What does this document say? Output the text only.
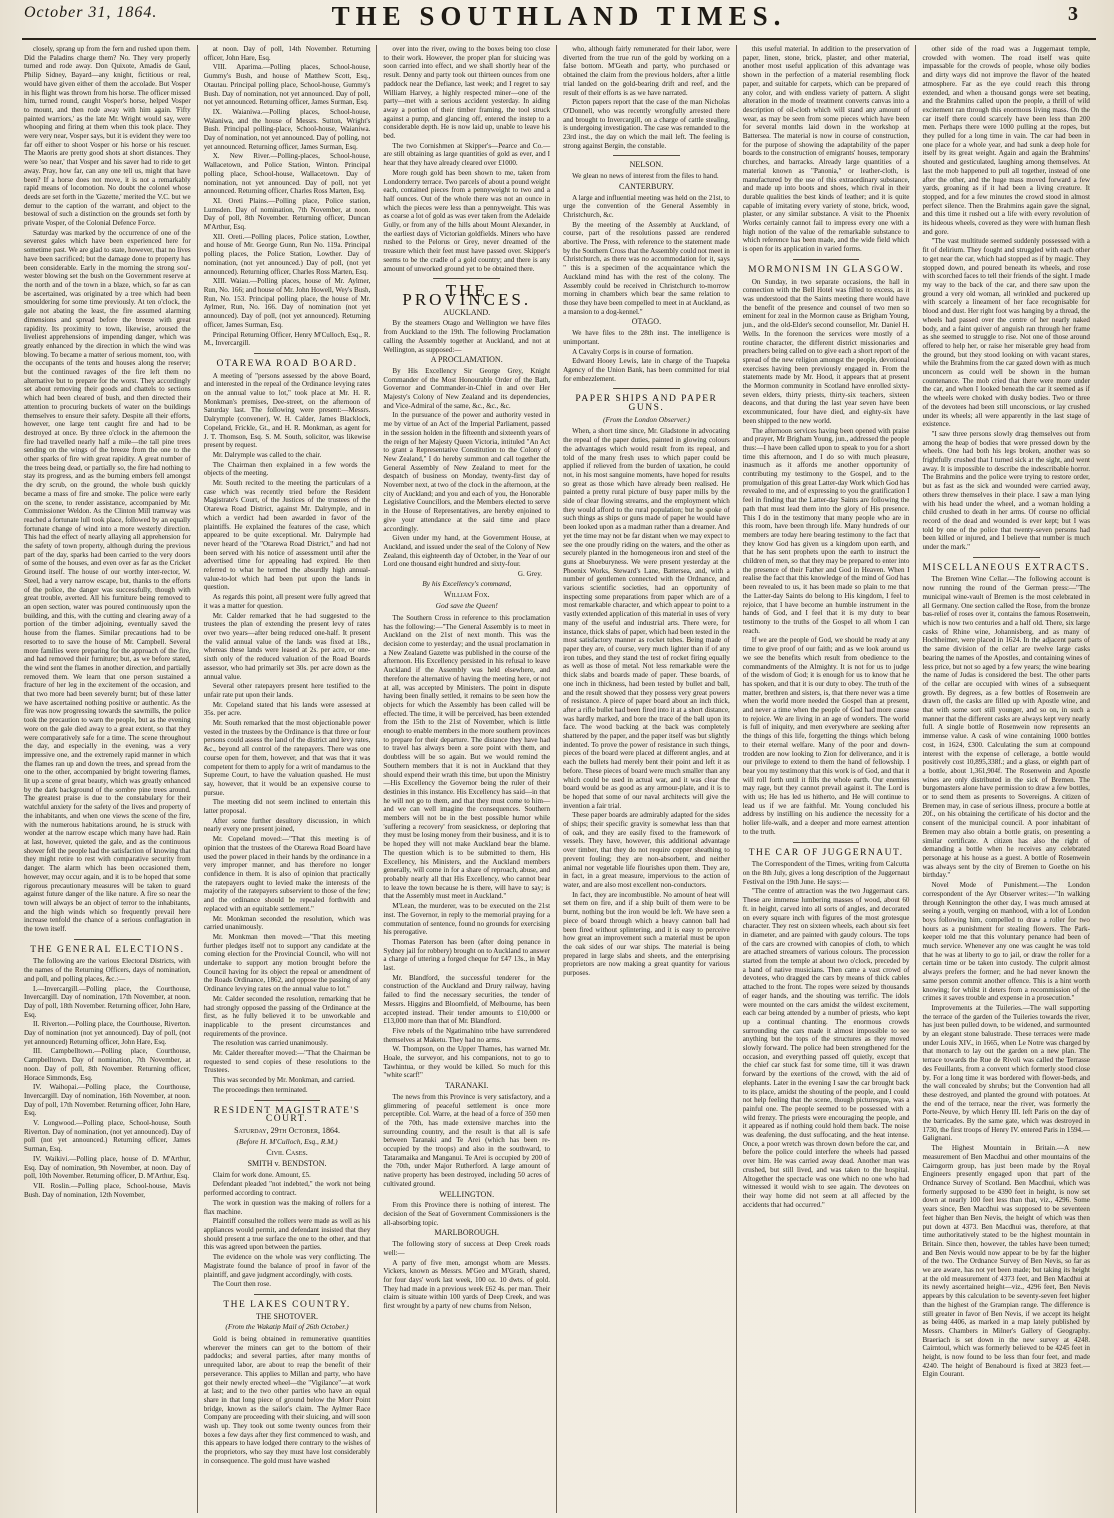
October 31, 1864.	THE SOUTHLAND TIMES.	3

closely, sprang up from the fern and rushed upon them. Did the Paladins charge them? No. They very properly turned and rode away. Don Quixote, Amadis de Gaul, Philip Sidney, Bayard—any knight, fictitious or real, would have given either of them the accolade. But Vosper in his flight was thrown from his horse. The officer missed him, turned round, caught Vosper's horse, helped Vosper to mount, and then rode away with him again. 'Fifty painted warriors,' as the late Mr. Wright would say, were whooping and firing at them when this took place. They were very near, Vosper says, but it is evident they were too far off either to shoot Vosper or his horse or his rescuer. The Maoris are pretty good shots at short distances. They were 'so near,' that Vosper and his saver had to ride to get away. Pray, how far, can any one tell us, might that have been? If a horse does not move, it is not a remarkably rapid means of locomotion. No doubt the colonel whose deeds are set forth in the 'Gazette,' merited the V.C. but we demur to the caption of the warrant, and object to the bestowal of such a distinction on the grounds set forth by private Vosper, of the Colonial Defence Force.

Saturday was marked by the occurrence of one of the severest gales which have been experienced here for sometime past. We are glad to state, however, that no lives have been sacrificed; but the damage done to property has been considerable. Early in the morning the strong sou'-wester blowing set the bush on the Government reserve at the north and of the town in a blaze, which, so far as can be ascertained, was originated by a tree which had been smouldering for some time previously. At ten o'clock, the gale not abating the least, the fire assumed alarming dimensions and spread before the breeze with great rapidity. Its proximity to town, likewise, aroused the liveliest apprehensions of impending danger, which was greatly enhanced by the direction in which the wind was blowing. To became a matter of serious moment, too, with the occupants of the tents and houses along the reserve; but the continued ravages of the fire left them no alternative but to prepare for the worst. They accordingly set about removing their goods and chattels to sections which had been cleared of bush, and then directed their attention to procuring buckets of water on the buildings themselves to ensure their safety. Despite all their efforts, however, one large tent caught fire and had to be destroyed at once. By three o'clock in the afternoon the fire had travelled nearly half a mile—the tall pine trees sending on the wings of the breeze from the one to the other sparks of fire with great rapidity. A great number of the trees being dead, or partially so, the fire had nothing to stay its progress, and as the burning embers fell amongst the dry scrub, on the ground, the whole bush quickly became a mass of fire and smoke. The police were early on the scene, to render assistance, accompanied by Mr. Commissioner Weldon. As the Clinton Mill tramway was reached a fortunate lull took place, followed by an equally fortunate change of wind into a more westerly direction. This had the effect of nearly allaying all apprehension for the safety of town property, although during the previous part of the day, sparks had been carried to the very doors of some of the houses, and even over as far as the Cricket Ground itself. The house of our worthy inter-rector, W. Steel, had a very narrow escape, but, thanks to the efforts of the police, the danger was successfully, though with great trouble, averted. All his furniture being removed to an open section, water was poured continuously upon the building, and this, with the cutting and clearing away of a portion of the timber adjoining, eventually saved the house from the flames. Similar precautions had to be resorted to to save the house of Mr. Campbell. Several more families were preparing for the approach of the fire, and had removed their furniture; but, as we before stated, the wind sent the flames in another direction, and partially removed them. We learn that one person sustained a fracture of her leg in the excitement of the occasion, and that two more had been severely burnt; but of these latter we have ascertained nothing positive or authentic. As the fire was now progressing towards the sawmills, the police took the precaution to warn the people, but as the evening wore on the gale died away to a great extent, so that they were comparatively safe for a time. The scene throughout the day, and especially in the evening, was a very impressive one, and the extremely rapid manner in which the flames ran up and down the trees, and spread from the one to the other, accompanied by bright towering flames, lit up a scene of great beauty, which was greatly enhanced by the dark background of the sombre pine trees around. The greatest praise is due to the constabulary for their watchful anxiety for the safety of the lives and property of the inhabitants, and when one views the scene of the fire, with the numerous habitations around, he is struck with wonder at the narrow escape which many have had. Rain at last, however, quieted the gale, and as the continuous shower fell the people had the satisfaction of knowing that they might retire to rest with comparative security from danger. The alarm which has been occasioned them, however, may occur again, and it is to be hoped that some rigorous precautionary measures will be taken to guard against future danger of the like nature. A fire so near the town will always be an object of terror to the inhabitants, and the high winds which so frequently prevail here increase tenfold the chance of a serious conflagration in the town itself.

THE GENERAL ELECTIONS.

The following are the various Electoral Districts, with the names of the Returning Officers, days of nomination, and poll, and polling places, &c.:—

I.—Invercargill.—Polling place, the Courthouse, Invercargill. Day of nomination, 17th November, at noon. Day of poll, 18th November. Returning officer, John Hare, Esq.

II. Riverton.—Polling place, the Courthouse, Riverton. Day of nomination (not yet announced). Day of poll, (not yet announced) Returning officer, John Hare, Esq.

III. Campbelltown.—Polling place, Courthouse, Campbelltown. Day of nomination, 7th November, at noon. Day of poll, 8th November. Returning officer, Horace Simmonds, Esq.

IV. Waihopai.—Polling place, the Courthouse, Invercargill. Day of nomination, 16th November, at noon. Day of poll, 17th November. Returning officer, John Hare, Esq.

V. Longwood.—Polling place, School-house, South Riverton. Day of nomination, (not yet announced). Day of poll (not yet announced.) Returning officer, James Surman, Esq.

IV. Waikivi.—Polling place, house of D. M'Arthur, Esq. Day of nomination, 9th November, at noon. Day of poll, 10th November. Returning officer, D. M'Arthur, Esq.

VII. Roslin.—Polling place, School-house, Mavis Bush. Day of nomination, 12th November,

at noon. Day of poll, 14th November. Returning officer, John Hare, Esq.

VIII. Aparima.—Polling places, School-house, Gummy's Bush, and house of Matthew Scott, Esq., Otautau. Principal polling place, School-house, Gummy's Bush. Day of nomination, not yet announced. Day of poll, not yet announced. Returning officer, James Surman, Esq.

IX. Waianiwa.—Polling places, School-house, Waianiwa, and the house of Messrs. Sutton, Wright's Bush. Principal polling-place, School-house, Waianiwa. Day of nomination, not yet announced. Day of polling, not yet announced. Returning officer, James Surman, Esq.

X. New River.—Polling-places, School-house, Wallacetown, and Police Station, Winton. Principal polling place, School-house, Wallacetown. Day of nomination, not yet announced. Day of poll, not yet announced. Returning officer, Charles Ross Marten, Esq.

XI. Oreti Plains.—Polling place, Police station, Lumsden. Day of nomination, 7th November, at noon. Day of poll, 8th November. Returning officer, Duncan M'Arthur, Esq.

XII. Oreti.—Polling places, Police station, Lowther, and house of Mr. George Gunn, Run No. 119a. Principal polling places, the Police Station, Lowther. Day of nomination, (not yet announced.) Day of poll, (not yet announced). Returning officer, Charles Ross Marten, Esq.

XIII. Waiau.—Polling places, house of Mr. Aylmer, Run, No. 166; and house of Mr. John Howell, Wey's Bush, Run, No. 153. Principal polling place, the house of Mr. Aylmer, Run, No. 166. Day of nomination (not yet announced). Day of poll, (not yet announced). Returning officer, James Surman, Esq.

Principal Returning Officer, Henry M'Culloch, Esq., R. M., Invercargill.

OTAREWA ROAD BOARD.

A meeting of "persons assessed by the above Board, and interested in the repeal of the Ordinance levying rates on the annual value to lot," took place at Mr. H. R. Monkman's premises, Dee-street, on the afternoon of Saturday last. The following were present:—Messrs. Dalrymple (convener), W. H. Calder, James Blacklock, Copeland, Frickle, Gt., and H. R. Monkman, as agent for J. T. Thomson, Esq. S. M. South, solicitor, was likewise present by request.

Mr. Dalrymple was called to the chair.

The Chairman then explained in a few words the objects of the meeting.

Mr. South recited to the meeting the particulars of a case which was recently tried before the Resident Magistrate's Court, of the Justices of the trustees of the Otarewa Road District, against Mr. Dalrymple, and in which a verdict had been awarded in favor of the plaintiffs. He explained the features of the case, which appeared to be quite exceptional. Mr. Dalrymple had never heard of the "Otarewa Road District," and had not been served with his notice of assessment until after the advertised time for appealing had expired. He then referred to what he termed the absurdly high annual-value-to-lot which had been put upon the lands in question.

As regards this point, all present were fully agreed that it was a matter for question.

Mr. Calder remarked that he had suggested to the trustees the plan of extending the present levy of rates over two years—after being reduced one-half. It present the valid annual value of the lands was fixed at 18s., whereas these lands were leased at 2s. per acre, or one-sixth only of the reduced valuation of the Road Boards assessor, who had primarily set 30s. per acre down as the annual value.

Several other ratepayers present here testified to the unfair rate put upon their lands.

Mr. Copeland stated that his lands were assessed at 35s. per acre.

Mr. South remarked that the most objectionable power vested in the trustees by the Ordinance is that three or four persons could assess the land of the district and levy rates, &c., beyond all control of the ratepayers. There was one course open for them, however, and that was that it was competent for them to apply for a writ of mandamus to the Supreme Court, to have the valuation quashed. He must say, however, that it would be an expensive course to pursue.

The meeting did not seem inclined to entertain this latter proposal.

After some further desultory discussion, in which nearly every one present joined,

Mr. Copeland moved:—"That this meeting is of opinion that the trustees of the Otarewa Road Board have used the power placed in their hands by the ordinance in a very improper manner, and has therefore no longer confidence in them. It is also of opinion that practically the ratepayers ought to levied make the interests of the majority of the ratepayers subservient to those of the few; and the ordinance should be repealed forthwith and replaced with an equitable settlement."

Mr. Monkman seconded the resolution, which was carried unanimously.

Mr. Monkman then moved:—"That this meeting further pledges itself not to support any candidate at the coming election for the Provincial Council, who will not undertake to support any motion brought before the Council having for its object the repeal or amendment of the Roads Ordinance, 1862, and oppose the passing of any Ordinance levying rates on the annual value to lot."

Mr. Calder seconded the resolution, remarking that he had strongly opposed the passing of the Ordinance at the first, as he fully believed it to be unworkable and inapplicable to the present circumstances and requirements of the province.

The resolution was carried unanimously.

Mr. Calder thereafter moved:—"That the Chairman be requested to send copies of these resolutions to the Trustees.

This was seconded by Mr. Monkman, and carried.

The proceedings then terminated.

RESIDENT MAGISTRATE'S COURT.
Saturday, 29th October, 1864.
(Before H. M'Culloch, Esq., R.M.)
Civil Cases.
SMITH v. BENDSTON.

Claim for work done. Amount, £5.

Defendant pleaded "not indebted," the work not being performed according to contract.

The work in question was the making of rollers for a flax machine.

Plaintiff consulted the rollers were made as well as his appliances would permit, and defendant insisted that they should present a true surface the one to the other, and that this was agreed upon between the parties.

The evidence on the whole was very conflicting. The Magistrate found the balance of proof in favor of the plaintiff, and gave judgment accordingly, with costs.

The Court then rose.

THE LAKES COUNTRY.
THE SHOTOVER.
(From the Wakatip Mail of 26th October.)

Gold is being obtained in remunerative quantities wherever the miners can get to the bottom of their paddocks; and several parties, after many months of unrequited labor, are about to reap the benefit of their perseverance. This applies to Millan and party, who have got their newly erected wheel—the "Vigilance"—at work at last; and to the two other parties who have an equal share in that long piece of ground below the Morr Point bridge, known as the sailor's claim. The Aylmer Race Company are proceeding with their sluicing, and will soon wash up. They took out some twenty ounces from their boxes a few days after they first commenced to wash, and this appears to have lodged there contrary to the wishes of the proprietors, who say they must have lost considerably in consequence. The gold must have washed

over into the river, owing to the boxes being too close to their work. However, the proper plan for sluicing was soon carried into effect, and we shall shortly hear of the result. Denny and party took out thirteen ounces from one paddock near the Defiance, last week; and I regret to say William Harvey, a highly respected miner—one of the party—met with a serious accident yesterday. In aiding away a portion of their timber framing, the tool struck against a pump, and glancing off, entered the instep to a considerable depth. He is now laid up, unable to leave his bed.

The two Cornishmen at Skipper's—Pearce and Co.—are still obtaining as large quantities of gold as ever, and I hear that they have already cleared over £1000.

More rough gold has been shown to me, taken from Londonderry terrace. Two parcels of about a pound weight each, contained pieces from a pennyweight to two and a half ounces. Out of the whole there was not an ounce in which the pieces were less than a pennyweight. This was as coarse a lot of gold as was ever taken from the Adelaide Gully, or from any of the hills about Mount Alexander, in the earliest days of Victorian goldfields. Miners who have rushed to the Pelorus or Grey, never dreamed of the treasure which their feet must have passed over. Skipper's seems to be the cradle of a gold country; and there is any amount of unworked ground yet to be obtained there.

THE PROVINCES.
AUCKLAND.

By the steamers Otago and Wellington we have files from Auckland to the 19th. The following Proclamation calling the Assembly together at Auckland, and not at Wellington, as supposed:—

A PROCLAMATION.

By His Excellency Sir George Grey, Knight Commander of the Most Honourable Order of the Bath, Governor and Commander-in-Chief in and over Her Majesty's Colony of New Zealand and its dependencies, and Vice-Admiral of the same, &c., &c., &c.

In the pursuance of the power and authority vested in me by virtue of an Act of the Imperial Parliament, passed in the session holden in the fifteenth and sixteenth years of the reign of her Majesty Queen Victoria, intituled "An Act to grant a Representative Constitution to the Colony of New Zealand," I do hereby summon and call together the General Assembly of New Zealand to meet for the despatch of business on Monday, twenty-first day of November next, at two of the clock in the afternoon, at the city of Auckland; and you and each of you, the Honorable Legislative Councillors, and the Members elected to serve in the House of Representatives, are hereby enjoined to give your attendance at the said time and place accordingly.

Given under my hand, at the Government House, at Auckland, and issued under the seal of the Colony of New Zealand, this eighteenth day of October, in the Year of our Lord one thousand eight hundred and sixty-four.

G. Grey.
By his Excellency's command,
William Fox.
God save the Queen!

The Southern Cross in reference to this proclamation has the following:—"The General Assembly is to meet in Auckland on the 21st of next month. This was the decision come to yesterday; and the usual proclamation in a New Zealand Gazette was published in the course of the afternoon. His Excellency persisted in his refusal to leave Auckland if the Assembly was held elsewhere, and therefore the alternative of having the meeting here, or not at all, was accepted by Ministers. The point in dispute having been finally settled, it remains to be seen how the objects for which the Assembly has been called will be effected. The time, it will be perceived, has been extended from the 15th to the 21st of November, which is little enough to enable members in the more southern provinces to prepare for their departure. The distance they have had to travel has always been a sore point with them, and doubtless will be so again. But we would remind the Southern members that it is not in Auckland that they should expend their wrath this time, but upon the Ministry—His Excellency the Governor being the ruler of their destinies in this instance. His Excellency has said—in that he will not go to them, and that they must come to him—and we can well imagine the consequences. Southern members will not be in the best possible humor while 'suffering a recovery' from seasickness, or deploring that they must be losing money from their business, and it is to be hoped they will not make Auckland bear the blame. The question which is to be submitted to them, His Excellency, his Ministers, and the Auckland members generally, will come in for a share of reproach, abuse, and probably nearly all that His Excellency, who cannot bear to leave the town because he is there, will have to say; is that the Assembly must meet in Auckland."

M'Lean, the murderer, was to be executed on the 21st inst. The Governor, in reply to the memorial praying for a commutation of sentence, found no grounds for exercising his prerogative.

Thomas Paterson has been (after doing penance in Sydney jail for robbery) brought on to Auckland to answer a charge of uttering a forged cheque for £47 13s., in May last.

Mr. Blandford, the successful tenderer for the construction of the Auckland and Drury railway, having failed to find the necessary securities, the tender of Messrs. Higgins and Bloomfield, of Melbourne, has been accepted instead. Their tender amounts to £10,000 or £13,000 more than that of Mr. Blandford.

Five rebels of the Ngatimahino tribe have surrendered themselves at Maketu. They had no arms.

W. Thompson, on the Upper Thames, has warned Mr. Hoale, the surveyor, and his companions, not to go to Tawhintua, or they would be killed. So much for this "white scarf!"

TARANAKI.

The news from this Province is very satisfactory, and a glimmering of peaceful settlement is once more perceptible. Col. Warre, at the head of a force of 350 men of the 70th, has made extensive marches into the surrounding country, and the result is that all is safe between Taranaki and Te Arei (which has been re-occupied by the troops) and also in the southward, to Tataramaika and Manganui. Te Arei is occupied by 200 of the 70th, under Major Rutherford. A large amount of native property has been destroyed, including 50 acres of cultivated ground.

WELLINGTON.

From this Province there is nothing of interest. The decision of the Seat of Government Commissioners is the all-absorbing topic.

MARLBOROUGH.

The following story of success at Deep Creek roads well:—

A party of five men, amongst whom are Messrs. Vickers, known as Messrs. M'Geo and M'Grath, shared, for four days' work last week, 100 oz. 10 dwts. of gold. They had made in a previous week £62 4s. per man. Their claim is situate within 100 yards of Deep Creek, and was first wrought by a party of new chums from Nelson,

who, although fairly remunerated for their labor, were diverted from the true run of the gold by working on a false bottom. M'Geath and party, who purchased or obtained the claim from the previous holders, after a little trial landed on the gold-bearing drift and reef, and the result of their efforts is as we have narrated.

Picton papers report that the case of the man Nicholas O'Donnell, who was recently wrongfully arrested there and brought to Invercargill, on a charge of cattle stealing, is undergoing investigation. The case was remanded to the 23rd inst., the day on which the mail left. The feeling is strong against Bergin, the constable.

NELSON.

We glean no news of interest from the files to hand.

CANTERBURY.

A large and influential meeting was held on the 21st, to urge the convention of the General Assembly in Christchurch, &c.

By the meeting of the Assembly at Auckland, of course, part of the resolutions passed are rendered abortive. The Press, with reference to the statement made by the Southern Cross that the Assembly could not meet in Christchurch, as there was no accommodation for it, says " this is a specimen of the acquaintance which the Auckland mind has with the rest of the colony. The Assembly could be received in Christchurch to-morrow morning in chambers which bear the same relation to those they have been compelled to meet in at Auckland, as a mansion to a dog-kennel."

OTAGO.

We have files to the 28th inst. The intelligence is unimportant.

A Cavalry Corps is in course of formation.

Edward Hooey Lewis, late in charge of the Tuapeka Agency of the Union Bank, has been committed for trial for embezzlement.

PAPER SHIPS AND PAPER GUNS.
(From the London Observer.)

When, a short time since, Mr. Gladstone in advocating the repeal of the paper duties, painted in glowing colours the advantages which would result from its repeal, and told of the many fresh uses to which paper could be applied if relieved from the burden of taxation, he could not, in his most sanguine moments, have hoped for results so great as those which have already been realised. He painted a pretty rural picture of busy paper mills by the side of clear flowing streams, and the employment which they would afford to the rural population; but he spoke of such things as ships or guns made of paper he would have been looked upon as a madman rather than a dreamer. And yet the time may not be far distant when we may expect to see the one proudly riding on the waters, and the other as securely planted in the homogeneous iron and steel of the guns at Shoeburyness. We were present yesterday at the Phoenix Works, Steward's Lane, Battersea, and, with a number of gentlemen connected with the Ordnance, and various scientific societies, had an opportunity of inspecting some preparations from paper which are of a most remarkable character, and which appear to point to a vastly extended application of this material in uses of very many of the useful and industrial arts. There were, for instance, thick slabs of paper, which had been tested in the most satisfactory manner as rocket tubes. Being made of paper they are, of course, very much lighter than if of any iron tubes, and they stand the test of rocket firing equally as well as those of metal. Not less remarkable were the thick slabs and boards made of paper. These boards, of one inch in thickness, had been tested by bullet and ball, and the result showed that they possess very great powers of resistance. A piece of paper board about an inch thick, after a rifle bullet had been fired into it at a short distance, was hardly marked, and bore the trace of the ball upon its face. The wood backing at the back was completely shattered by the paper, and the paper itself was but slightly indented. To prove the power of resistance in such things, pieces of the board were placed at different angles, and at each the bullets had merely bent their point and left it as before. These pieces of board were much smaller than any which could be used in actual war, and it was clear the board would be as good as any armour-plate, and it is to be hoped that some of our naval architects will give the invention a fair trial.

These paper boards are admirably adapted for the sides of ships; their specific gravity is somewhat less than that of oak, and they are easily fixed to the framework of vessels. They have, however, this additional advantage over timber, that they do not require copper sheathing to prevent fouling; they are non-absorbent, and neither animal nor vegetable life flourishes upon them. They are, in fact, in a great measure, impervious to the action of water, and are also most excellent non-conductors.

In fact, they are incombustible. No amount of heat will set them on fire, and if a ship built of them were to be burnt, nothing but the iron would be left. We have seen a piece of board through which a heavy cannon ball had been fired without splintering, and it is easy to perceive how great an improvement such a material must be upon the oak sides of our war ships. The material is being prepared in large slabs and sheets, and the enterprising proprietors are now making a great quantity for various purposes.

this useful material. In addition to the preservation of paper, linen, stone, brick, plaster, and other material, another most useful application of this advantage was shown in the perfection of a material resembling flock paper, and suitable for carpets, which can be prepared of any color, and with endless variety of pattern. A slight alteration in the mode of treatment converts canvas into a description of oil-cloth which will stand any amount of wear, as may be seen from some pieces which have been for several months laid down in the workshop at Battersea. The material is now in course of construction, for the purpose of showing the adaptability of the paper boards to the construction of emigrants' houses, temporary churches, and barracks. Already large quantities of a material known as "Panonia," or leather-cloth, is manufactured by the use of this extraordinary substance, and made up into boots and shoes, which rival in their durable qualities the best kinds of leather; and it is quite capable of imitating every variety of stone, brick, wood, plaster, or any similar substance. A visit to the Phoenix Works certainly cannot fail to impress every one with a high notion of the value of the remarkable substance to which reference has been made, and the wide field which is open for its application in varied forms.

MORMONISM IN GLASGOW.

On Sunday, in two separate occasions, the hall in connection with the Bell Hotel was filled to excess, as it was understood that the Saints meeting there would have the benefit of the presence and counsel of two men so eminent for zeal in the Mormon cause as Brigham Young, jun., and the old-Elder's second counsellor, Mr. Daniel H. Wells. In the forenoon the services were mostly of a routine character, the different district missionaries and preachers being called on to give each a short report of the spread of the new religion amongst the people, devotional exercises having been previously engaged in. From the statements made by Mr. Hood, it appears that at present the Mormon community in Scotland have enrolled sixty-seven elders, thirty priests, thirty-six teachers, sixteen deacons, and that during the last year seven have been excommunicated, four have died, and eighty-six have been shipped to the new world.

The afternoon services having been opened with praise and prayer, Mr Brigham Young, jun., addressed the people thus:—I have been called upon to speak to you for a short time this afternoon, and I do so with much pleasure, inasmuch as it affords me another opportunity of contributing my testimony to the Gospel, and to the promulgation of this great Latter-day Work which God has revealed to me, and of expressing to you the gratification I feel in finding that the Latter-day Saints are following the path that must lead them into the glory of His presence. This I do in the testimony that many people who are in this room, have been through life. Many hundreds of our members are today here bearing testimony to the fact that they know God has given us a kingdom upon earth, and that he has sent prophets upon the earth to instruct the children of men, so that they may be prepared to enter into the presence of their Father and God in Heaven. When I realise the fact that this knowledge of the mind of God has been revealed to us, it has been made so plain to me that the Latter-day Saints do belong to His kingdom, I feel to rejoice, that I have become an humble instrument in the hands of God, and I feel that it is my duty to bear testimony to the truths of the Gospel to all whom I can reach.

If we are the people of God, we should be ready at any time to give proof of our faith; and as we look around us we see the benefits which result from obedience to the commandments of the Almighty. It is not for us to judge of the wisdom of God; it is enough for us to know that he has spoken, and that it is our duty to obey. The truth of the matter, brethren and sisters, is, that there never was a time when the world more needed the Gospel than at present, and never a time when the people of God had more cause to rejoice. We are living in an age of wonders. The world is full of iniquity, and men everywhere are seeking after the things of this life, forgetting the things which belong to their eternal welfare. Many of the poor and down-trodden are now looking to Zion for deliverance, and it is our privilege to extend to them the hand of fellowship. I bear you my testimony that this work is of God, and that it will roll forth until it fills the whole earth. Our enemies may rage, but they cannot prevail against it. The Lord is with us; He has led us hitherto, and He will continue to lead us if we are faithful. Mr. Young concluded his address by instilling on his audience the necessity for a holier life-walk, and a deeper and more earnest attention to the truth.

THE CAR OF JUGGERNAUT.

The Correspondent of the Times, writing from Calcutta on the 8th July, gives a long description of the Juggernaut Festival on the 19th June. He says:—

"The centre of attraction was the two Juggernaut cars. These are immense lumbering masses of wood, about 60 ft. in height, carved into all sorts of angles, and decorated on every square inch with figures of the most grotesque character. They rest on sixteen wheels, each about six feet in diameter, and are painted with gaudy colours. The tops of the cars are crowned with canopies of cloth, to which are attached streamers of various colours. The procession started from the temple at about two o'clock, preceded by a band of native musicians. Then came a vast crowd of devotees, who dragged the cars by means of thick cables attached to the front. The ropes were seized by thousands of eager hands, and the shouting was terrific. The idols were mounted on the cars amidst the wildest excitement, each car being attended by a number of priests, who kept up a continual chanting. The enormous crowds surrounding the cars made it almost impossible to see anything but the tops of the structures as they moved slowly forward. The police had been strengthened for the occasion, and everything passed off quietly, except that the chief car stuck fast for some time, till it was drawn forward by the exertions of the crowd, with the aid of elephants. Later in the evening I saw the car brought back to its place, amidst the shouting of the people, and I could not help feeling that the scene, though picturesque, was a painful one. The people seemed to be possessed with a wild frenzy. The priests were encouraging the people, and it appeared as if nothing could hold them back. The noise was deafening, the dust suffocating, and the heat intense. Once, a poor wretch was thrown down before the car, and before the police could interfere the wheels had passed over him. He was carried away dead. Another man was crushed, but still lived, and was taken to the hospital. Altogether the spectacle was one which no one who had witnessed it would wish to see again. The devotees on their way home did not seem at all affected by the accidents that had occurred."

other side of the road was a Juggernaut temple, crowded with women. The road itself was quite impassable for the crowds of people, whose oily bodies and dirty ways did not improve the flavor of the heated atmosphere. Far as the eye could reach this throng extended, and when a thousand gongs were set beating, and the Brahmins called upon the people, a thrill of wild excitement ran through this enormous living mass. On the car itself there could scarcely have been less than 200 men. Perhaps there were 1000 pulling at the ropes, but they pulled for a long time in vain. The car had been in one place for a whole year, and had sunk a deep hole for itself by its great weight. Again and again the Brahmins' shouted and gesticulated, laughing among themselves. At last the mob happened to pull all together, instead of one after the other, and the huge mass moved forward a few yards, groaning as if it had been a living creature. It stopped, and for a few minutes the crowd stood in almost perfect silence. Then the Brahmins again gave the signal, and this time it rushed out a life with every revolution of its hideous wheels, covered as they were with human flesh and gore.

"The vast multitude seemed suddenly possessed with a fit of delirium. They fought and struggled with each other to get near the car, which had stopped as if by magic. They stopped down, and poured beneath its wheels, and rose with scorched faces to tell their friends of the sight. I made my way to the back of the car, and there saw upon the ground a very old woman, all wrinkled and puckered up with scarcely a lineament of her face recognisable for blood and dust. Her right foot was hanging by a thread, the wheels had passed over the centre of her nearly naked body, and a faint quiver of anguish ran through her frame as she seemed to struggle to rise. Not one of those around offered to help her, or raise her miserable grey head from the ground, but they stood looking on with vacant stares, while the Brahmins from the car gazed down with as much unconcern as could well be shown in the human countenance. The mob cried that there were more under the car, and when I looked beneath the car it seemed as if the wheels were choked with dusky bodies. Two or three of the devotees had been still unconscious, or lay crushed under its wheels; all were apparently in the last stage of existence.

"I saw three persons slowly drag themselves out from among the heap of bodies that were pressed down by the wheels. One had both his legs broken, another was so frightfully crushed that I turned sick at the sight, and went away. It is impossible to describe the indescribable horror. The Brahmins and the police were trying to restore order, but as fast as the sick and wounded were carried away, others threw themselves in their place. I saw a man lying with his head under the wheel, and a woman holding a child crushed to death in her arms. Of course no official record of the dead and wounded is ever kept; but I was told by one of the police that twenty-seven persons had been killed or injured, and I believe that number is much under the mark."

MISCELLANEOUS EXTRACTS.

The Bremen Wine Cellar.—The following account is now running the round of the German press:—"The municipal wine-vault of Bremen is the most celebrated in all Germany. One section called the Rose, from the bronze bas-relief of roses over it, contains the famous Rosenwein, which is now two centuries and a half old. There, six large casks of Rhine wine, Johannisberg, and as many of Hochheimer, were placed in 1624. In the adjacent parts of the same division of the cellar are twelve large casks bearing the names of the Apostles, and containing wines of less price, but not so aged by a few years; the wine bearing the name of Judas is considered the best. The other parts of the cellar are occupied with wines of a subsequent growth. By degrees, as a few bottles of Rosenwein are drawn off, the casks are filled up with Apostle wine, and that with some sort still younger, and so on, in such a manner that the different casks are always kept very nearly full. A single bottle of Rosenwein now represents an immense value. A cask of wine containing 1000 bottles cost, in 1624, £300. Calculating the sum at compound interest with the expense of cellerage, a bottle would positively cost 10,895,338f.; and a glass, or eighth part of a bottle, about 1,361,904f. The Rosenwein and Apostle wines are only distributed in the sick of Bremen. The burgomasters alone have permission to draw a few bottles, or to send them as presents to Sovereigns. A citizen of Bremen may, in case of serious illness, procure a bottle at 20f., on his obtaining the certificate of his doctor and the consent of the municipal council. A poor inhabitant of Bremen may also obtain a bottle gratis, on presenting a similar certificate. A citizen has also the right of demanding a bottle when he receives any celebrated personage at his house as a guest. A bottle of Rosenwein was always sent by the city of Bremen to Goethe on his birthday."

Novel Mode of Punishment.—The London correspondent of the Ayr Observer writes:—"In walking through Kennington the other day, I was much amused at seeing a youth, verging on manhood, with a lot of London boys following him, compelled to draw a roller for two hours as a punishment for stealing flowers. The Park-keeper told me that this voluntary penance had been of much service. Whenever any one was caught he was told that he was at liberty to go to jail, or draw the roller for a certain time or be taken into custody. The culprit almost always prefers the former; and he had never known the same person commit another offence. This is a hint worth knowing; for whilst it deters from a recommission of the crimes it saves trouble and expense in a prosecution."

Improvements at the Tuileries.—The wall supporting the terrace of the garden of the Tuileries towards the river, has just been pulled down, to be widened, and surmounted by an elegant stone balustrade. These terraces were made under Louis XIV., in 1665, when Le Notre was charged by that monarch to lay out the garden on a new plan. The terrace towards the Rue de Rivoli was called the Terrasse des Feuillants, from a convent which formerly stood close by. For a long time it was bordered with flower-beds, and the wall concealed by shrubs; but the Convention had all these destroyed, and planted the ground with potatoes. At the end of the terrace, near the river, was formerly the Porte-Neuve, by which Henry III. left Paris on the day of the barricades. By the same gate, which was destroyed in 1730, the first troops of Henry IV. entered Paris in 1594.—Galignani.

The Highest Mountain in Britain.—A new measurement of Ben Macdhui and other mountains of the Cairngorm group, has just been made by the Royal Engineers presently engaged upon that part of the Ordnance Survey of Scotland. Ben Macdhui, which was formerly supposed to be 4390 feet in height, is now set down at nearly 100 feet less than that, viz., 4296. Some years since, Ben Macdhui was supposed to be seventeen feet higher than Ben Nevis, the height of which was then put down at 4373. Ben Macdhui was, therefore, at that time authoritatively stated to be the highest mountain in Britain. Since then, however, the tables have been turned; and Ben Nevis would now appear to be by far the higher of the two. The Ordnance Survey of Ben Nevis, so far as we are aware, has not yet been made; but taking its height at the old measurement of 4373 feet, and Ben Macdhui at its newly ascertained height—viz., 4296 feet, Ben Nevis appears by this calculation to be seventy-seven feet higher than the highest of the Grampian range. The difference is still greater in favor of Ben Nevis, if we accept its height as being 4406, as marked in a map lately published by Messrs. Chambers in Milner's Gallery of Geography. Braeriach is set down in the new survey at 4248. Cairntoul, which was formerly believed to be 4245 feet in height, is now found to be less than four feet, and made 4240. The height of Benabourd is fixed at 3823 feet.—Elgin Courant.
